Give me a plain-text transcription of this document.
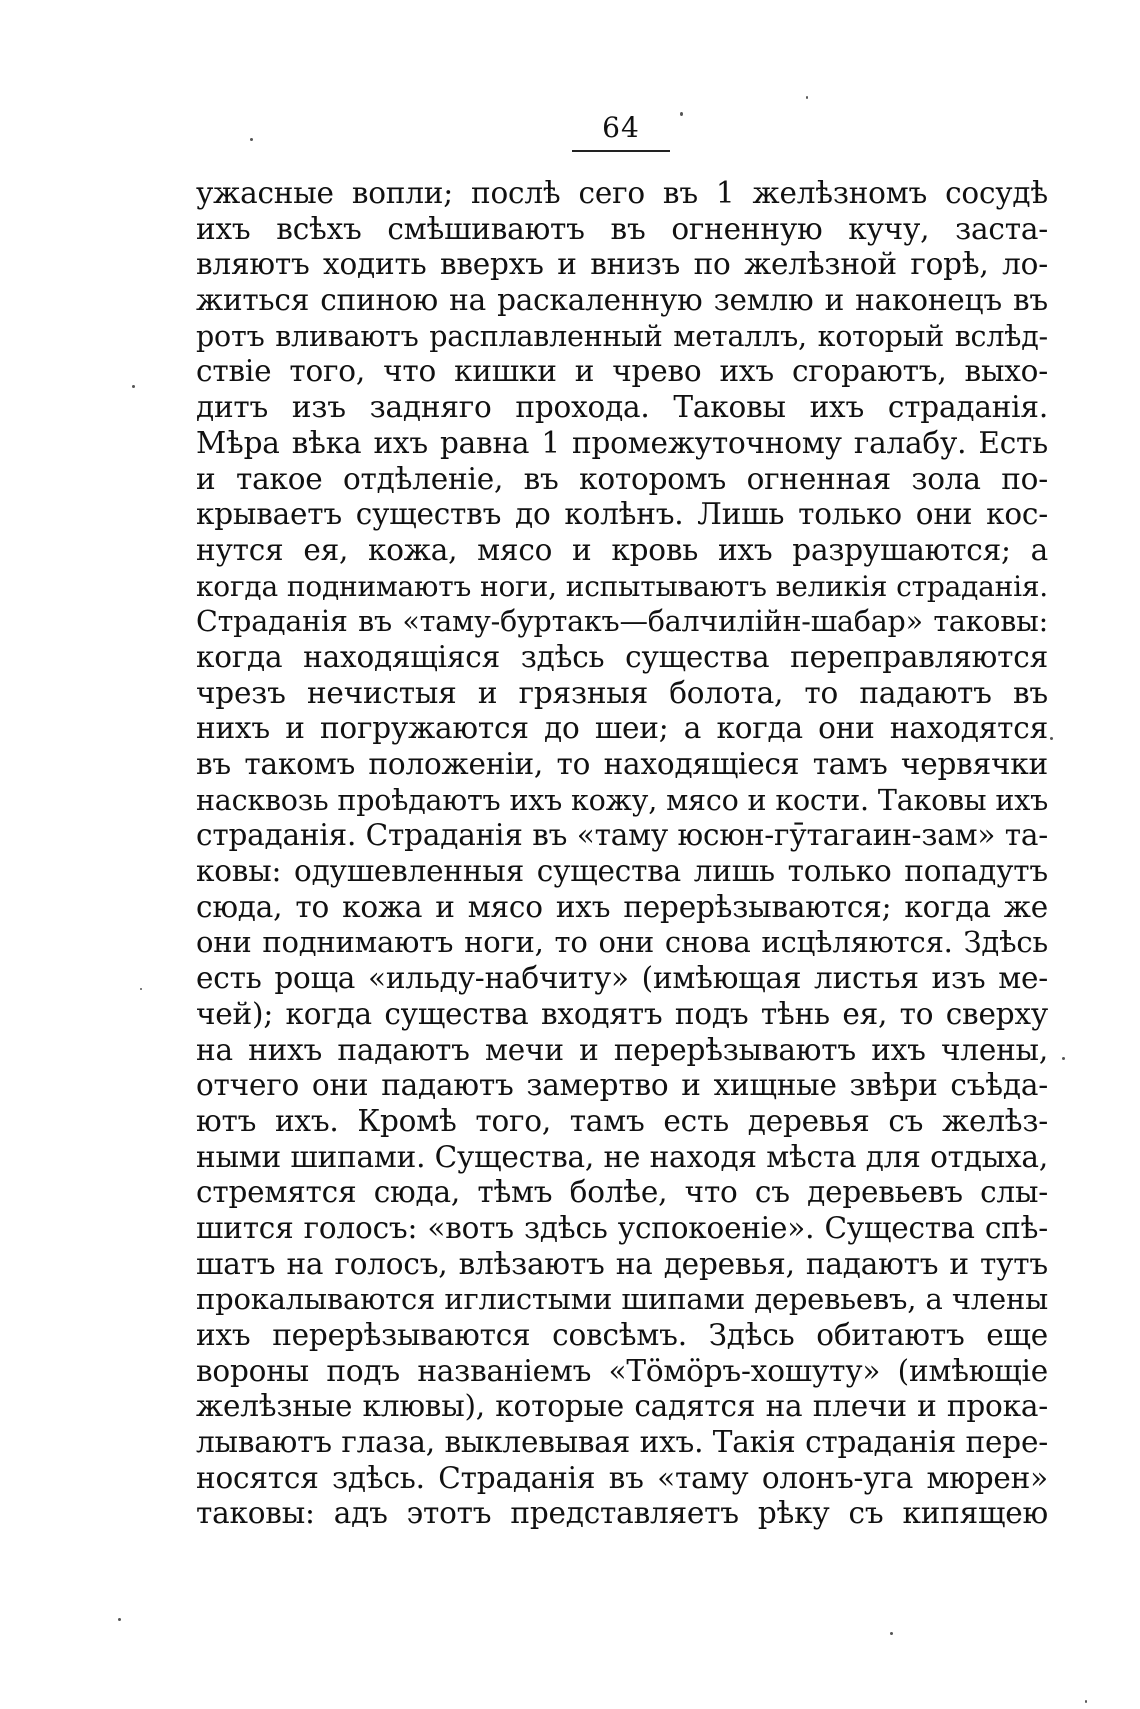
64
ужасные вопли; послѣ сего въ 1 желѣзномъ сосудѣ
ихъ всѣхъ смѣшиваютъ въ огненную кучу, заста-
вляютъ ходить вверхъ и внизъ по желѣзной горѣ, ло-
житься спиною на раскаленную землю и наконецъ въ
ротъ вливаютъ расплавленный металлъ, который вслѣд-
ствіе того, что кишки и чрево ихъ сгораютъ, выхо-
дитъ изъ задняго прохода. Таковы ихъ страданія.
Мѣра вѣка ихъ равна 1 промежуточному галабу. Есть
и такое отдѣленіе, въ которомъ огненная зола по-
крываетъ существъ до колѣнъ. Лишь только они кос-
нутся ея, кожа, мясо и кровь ихъ разрушаются; а
когда поднимаютъ ноги, испытываютъ великія страданія.
Страданія въ «таму-буртакъ—балчилійн-шабар» таковы:
когда находящіяся здѣсь существа переправляются
чрезъ нечистыя и грязныя болота, то падаютъ въ
нихъ и погружаются до шеи; а когда они находятся
въ такомъ положеніи, то находящіеся тамъ червячки
насквозь проѣдаютъ ихъ кожу, мясо и кости. Таковы ихъ
страданія. Страданія въ «таму юсюн-гӯтагаин-зам» та-
ковы: одушевленныя существа лишь только попадутъ
сюда, то кожа и мясо ихъ перерѣзываются; когда же
они поднимаютъ ноги, то они снова исцѣляются. Здѣсь
есть роща «ильду-набчиту» (имѣющая листья изъ ме-
чей); когда существа входятъ подъ тѣнь ея, то сверху
на нихъ падаютъ мечи и перерѣзываютъ ихъ члены,
отчего они падаютъ замертво и хищные звѣри съѣда-
ютъ ихъ. Кромѣ того, тамъ есть деревья съ желѣз-
ными шипами. Существа, не находя мѣста для отдыха,
стремятся сюда, тѣмъ болѣе, что съ деревьевъ слы-
шится голосъ: «вотъ здѣсь успокоеніе». Существа спѣ-
шатъ на голосъ, влѣзаютъ на деревья, падаютъ и тутъ
прокалываются иглистыми шипами деревьевъ, а члены
ихъ перерѣзываются совсѣмъ. Здѣсь обитаютъ еще
вороны подъ названіемъ «Тӧмӧръ-хошуту» (имѣющіе
желѣзные клювы), которые садятся на плечи и прока-
лываютъ глаза, выклевывая ихъ. Такія страданія пере-
носятся здѣсь. Страданія въ «таму олонъ-уга мюрен»
таковы: адъ этотъ представляетъ рѣку съ кипящею
